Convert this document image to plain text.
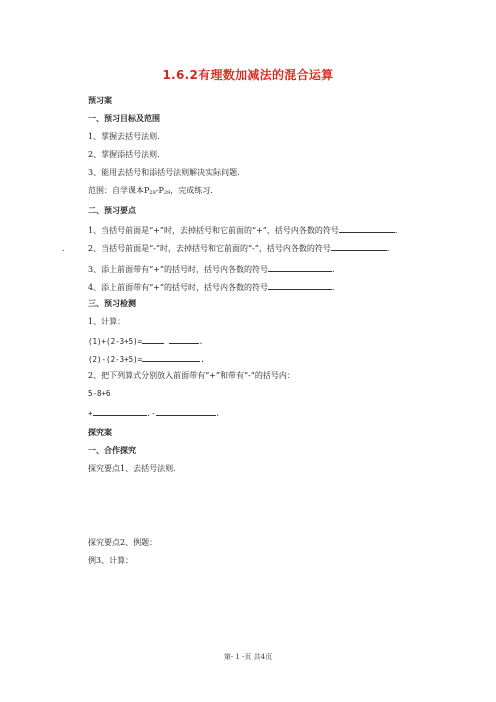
1.6.2有理数加减法的混合运算
预习案
一、预习目标及范围
1、掌握去括号法则.
2、掌握添括号法则.
3、能用去括号和添括号法则解决实际问题.
范围：自学课本$P_{28}-P_{29}$，完成练习.
二、预习要点
1、当括号前面是“+”时，去掉括号和它前面的“+”，括号内各数的符号	.
2、当括号前面是“-”时，去掉括号和它前面的“-”，括号内各数的符号	.
.
3、添上前面带有“+”的括号时，括号内各数的符号	.
4、添上前面带有“+”的括号时，括号内各数的符号	.
三、预习检测
1、计算：
(1)+(2-3+5)=	.
(2)-(2-3+5)=	.
2、把下列算式分别放入前面带有“+”和带有“-”的括号内：
5-8+6
+	.-	.
探究案
一、合作探究
探究要点1、去括号法则.
探究要点2、例题：
例3、计算：
第- 1 -页 共4页
